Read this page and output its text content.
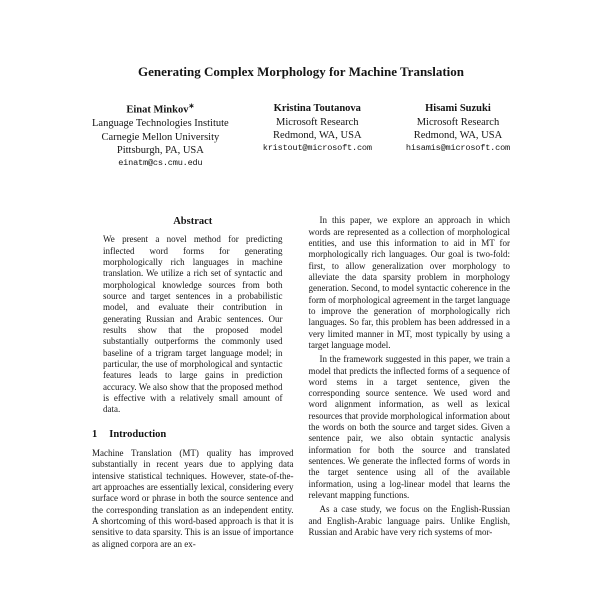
Generating Complex Morphology for Machine Translation
Einat Minkov∗
Language Technologies Institute
Carnegie Mellon University
Pittsburgh, PA, USA
einatm@cs.cmu.edu
Kristina Toutanova
Microsoft Research
Redmond, WA, USA
kristout@microsoft.com
Hisami Suzuki
Microsoft Research
Redmond, WA, USA
hisamis@microsoft.com
Abstract

We present a novel method for predicting inflected word forms for generating morphologically rich languages in machine translation. We utilize a rich set of syntactic and morphological knowledge sources from both source and target sentences in a probabilistic model, and evaluate their contribution in generating Russian and Arabic sentences. Our results show that the proposed model substantially outperforms the commonly used baseline of a trigram target language model; in particular, the use of morphological and syntactic features leads to large gains in prediction accuracy. We also show that the proposed method is effective with a relatively small amount of data.

1 Introduction

Machine Translation (MT) quality has improved substantially in recent years due to applying data intensive statistical techniques. However, state-of-the-art approaches are essentially lexical, considering every surface word or phrase in both the source sentence and the corresponding translation as an independent entity. A shortcoming of this word-based approach is that it is sensitive to data sparsity. This is an issue of importance as aligned corpora are an ex-

In this paper, we explore an approach in which words are represented as a collection of morphological entities, and use this information to aid in MT for morphologically rich languages. Our goal is two-fold: first, to allow generalization over morphology to alleviate the data sparsity problem in morphology generation. Second, to model syntactic coherence in the form of morphological agreement in the target language to improve the generation of morphologically rich languages. So far, this problem has been addressed in a very limited manner in MT, most typically by using a target language model.

In the framework suggested in this paper, we train a model that predicts the inflected forms of a sequence of word stems in a target sentence, given the corresponding source sentence. We used word and word alignment information, as well as lexical resources that provide morphological information about the words on both the source and target sides. Given a sentence pair, we also obtain syntactic analysis information for both the source and translated sentences. We generate the inflected forms of words in the target sentence using all of the available information, using a log-linear model that learns the relevant mapping functions.

As a case study, we focus on the English-Russian and English-Arabic language pairs. Unlike English, Russian and Arabic have very rich systems of mor-
